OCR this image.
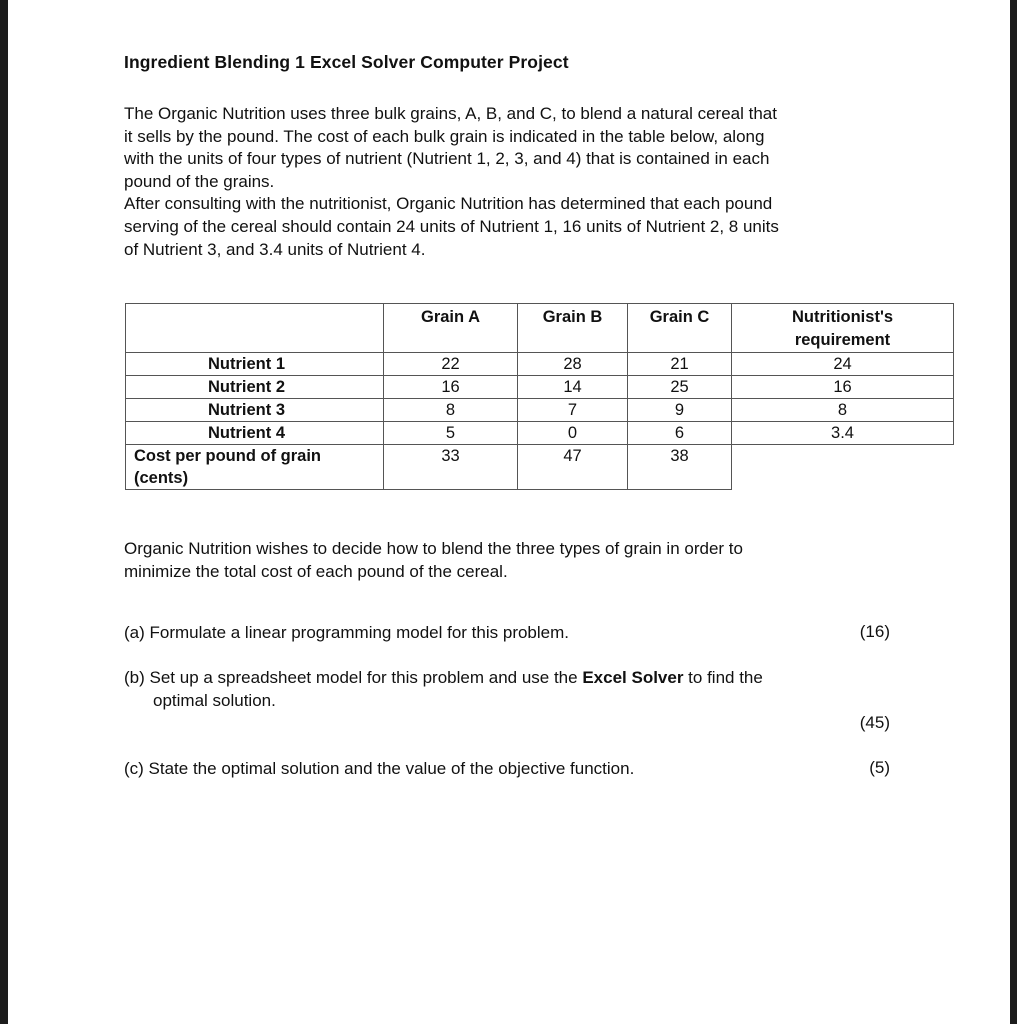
Ingredient Blending 1 Excel Solver Computer Project

The Organic Nutrition uses three bulk grains, A, B, and C, to blend a natural cereal that
it sells by the pound. The cost of each bulk grain is indicated in the table below, along
with the units of four types of nutrient (Nutrient 1, 2, 3, and 4) that is contained in each
pound of the grains.

After consulting with the nutritionist, Organic Nutrition has determined that each pound
serving of the cereal should contain 24 units of Nutrient 1, 16 units of Nutrient 2, 8 units
of Nutrient 3, and 3.4 units of Nutrient 4.

	Grain A	Grain B	Grain C	Nutritionist's
requirement
Nutrient 1	22	28	21	24
Nutrient 2	16	14	25	16
Nutrient 3	8	7	9	8
Nutrient 4	5	0	6	3.4
Cost per pound of grain
(cents)	33	47	38	
Organic Nutrition wishes to decide how to blend the three types of grain in order to
minimize the total cost of each pound of the cereal.
(a) Formulate a linear programming model for this problem.	(16)
(b) Set up a spreadsheet model for this problem and use the Excel Solver to find the
optimal solution.
(45)
(c) State the optimal solution and the value of the objective function.	(5)
